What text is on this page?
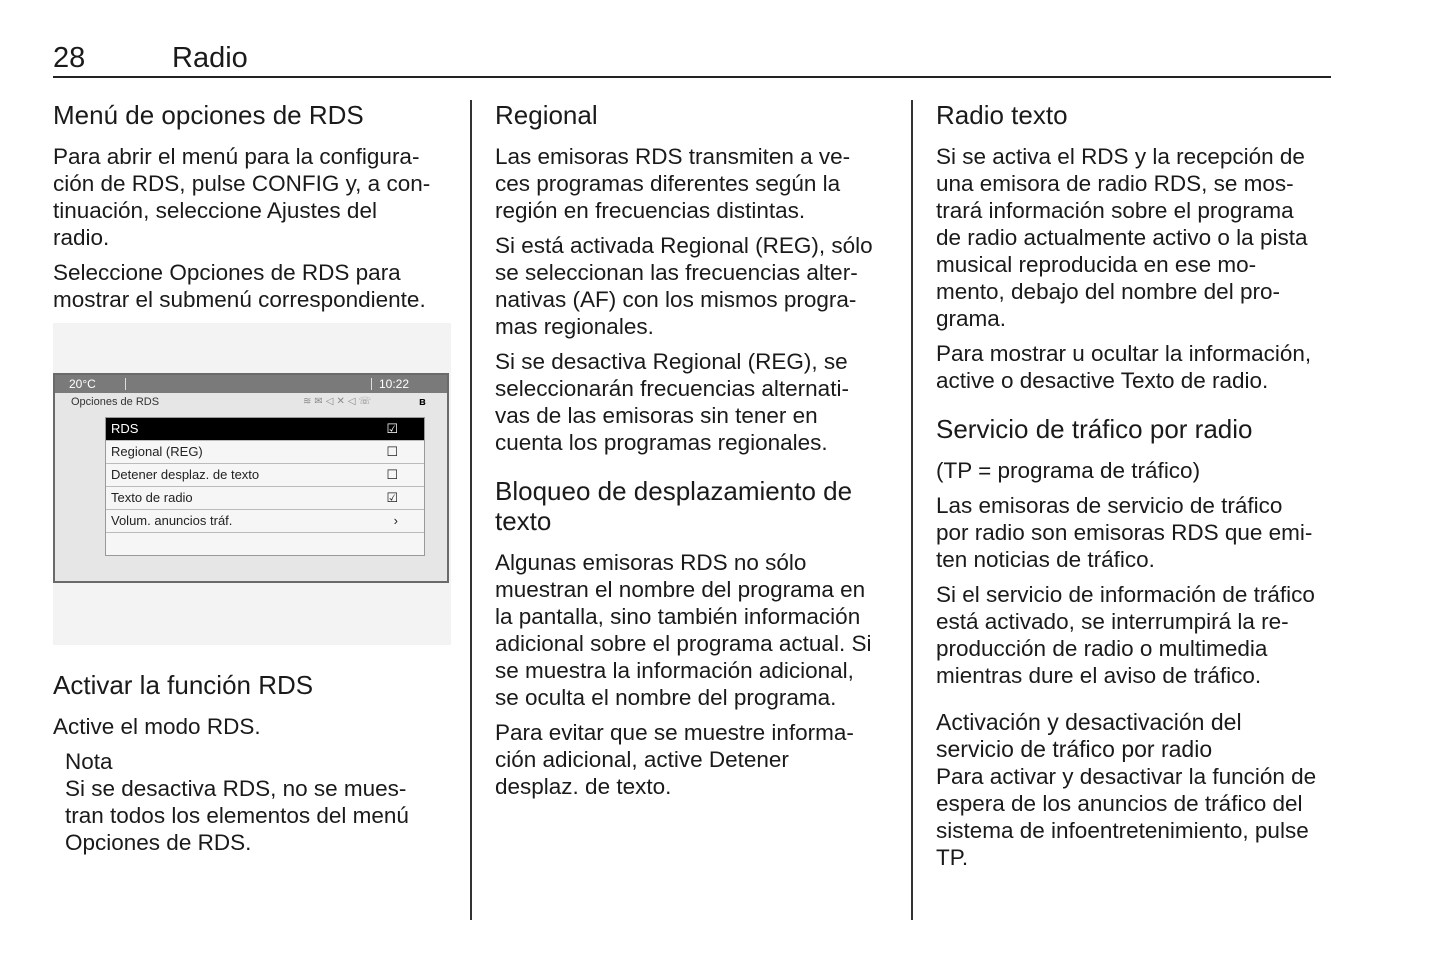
28	Radio
Menú de opciones de RDS
Para abrir el menú para la configura-
ción de RDS, pulse CONFIG y, a con-
tinuación, seleccione Ajustes del
radio.
Seleccione Opciones de RDS para
mostrar el submenú correspondiente.
20°C	10:22
Opciones de RDS	≋✉◁✕◁☏	ʙ
RDS	☑
Regional (REG)	☐
Detener desplaz. de texto	☐
Texto de radio	☑
Volum. anuncios tráf.	›
Activar la función RDS
Active el modo RDS.
Nota
Si se desactiva RDS, no se mues-
tran todos los elementos del menú
Opciones de RDS.
Regional
Las emisoras RDS transmiten a ve-
ces programas diferentes según la
región en frecuencias distintas.
Si está activada Regional (REG), sólo
se seleccionan las frecuencias alter-
nativas (AF) con los mismos progra-
mas regionales.
Si se desactiva Regional (REG), se
seleccionarán frecuencias alternati-
vas de las emisoras sin tener en
cuenta los programas regionales.
Bloqueo de desplazamiento de
texto
Algunas emisoras RDS no sólo
muestran el nombre del programa en
la pantalla, sino también información
adicional sobre el programa actual. Si
se muestra la información adicional,
se oculta el nombre del programa.
Para evitar que se muestre informa-
ción adicional, active Detener
desplaz. de texto.
Radio texto
Si se activa el RDS y la recepción de
una emisora de radio RDS, se mos-
trará información sobre el programa
de radio actualmente activo o la pista
musical reproducida en ese mo-
mento, debajo del nombre del pro-
grama.
Para mostrar u ocultar la información,
active o desactive Texto de radio.
Servicio de tráfico por radio
(TP = programa de tráfico)
Las emisoras de servicio de tráfico
por radio son emisoras RDS que emi-
ten noticias de tráfico.
Si el servicio de información de tráfico
está activado, se interrumpirá la re-
producción de radio o multimedia
mientras dure el aviso de tráfico.
Activación y desactivación del
servicio de tráfico por radio
Para activar y desactivar la función de
espera de los anuncios de tráfico del
sistema de infoentretenimiento, pulse
TP.
